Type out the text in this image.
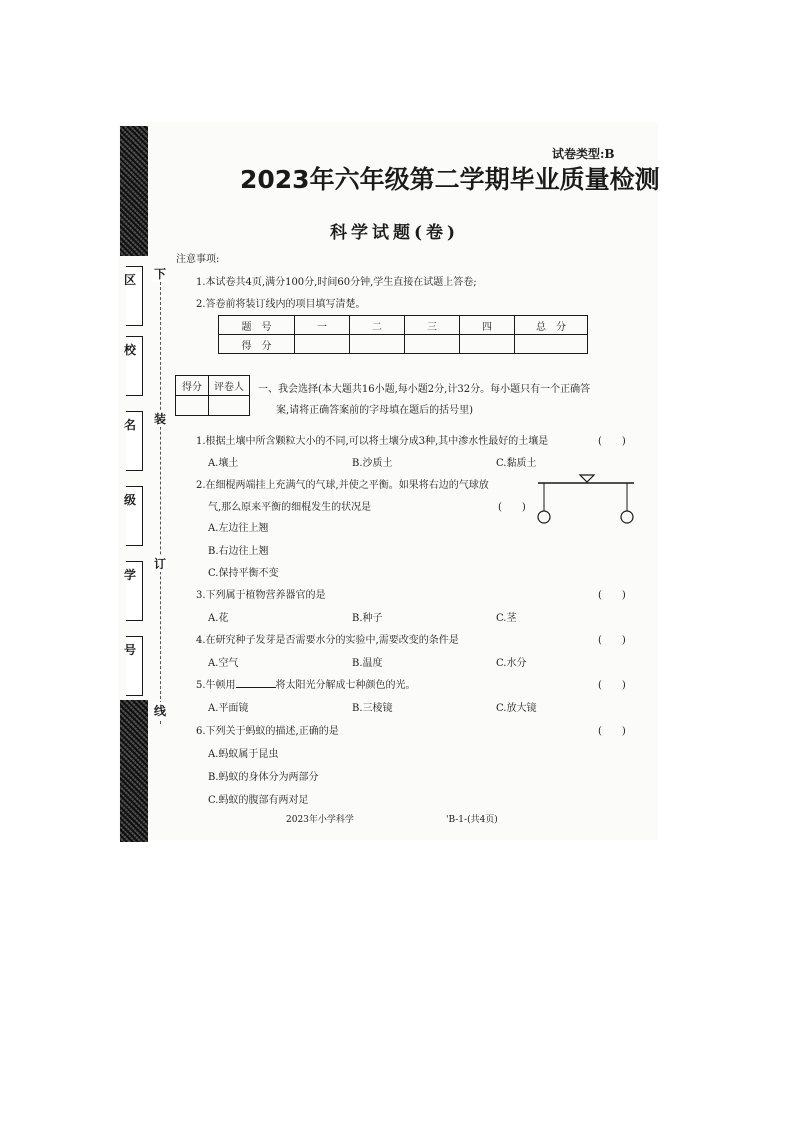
区
校
名
级
学
号
下
装
订
线
试卷类型:B
2023年六年级第二学期毕业质量检测
科学试题(卷)
注意事项:
1.本试卷共4页,满分100分,时间60分钟,学生直接在试题上答卷;
2.答卷前将装订线内的项目填写清楚。
题　号	一	二	三	四	总　分
得　分					
得分	评卷人
	一、我会选择(本大题共16小题,每小题2分,计32分。每小题只有一个正确答
案,请将正确答案前的字母填在题后的括号里)
1.根据土壤中所含颗粒大小的不同,可以将土壤分成3种,其中渗水性最好的土壤是	(　　)
A.壤土	B.沙质土	C.黏质土
2.在细棍两端挂上充满气的气球,并使之平衡。如果将右边的气球放
气,那么原来平衡的细棍发生的状况是	(　　)
A.左边往上翘
B.右边往上翘
C.保持平衡不变
3.下列属于植物营养器官的是	(　　)
A.花	B.种子	C.茎
4.在研究种子发芽是否需要水分的实验中,需要改变的条件是	(　　)
A.空气	B.温度	C.水分
5.牛顿用	将太阳光分解成七种颜色的光。	(　　)
A.平面镜	B.三棱镜	C.放大镜
6.下列关于蚂蚁的描述,正确的是	(　　)
A.蚂蚁属于昆虫
B.蚂蚁的身体分为两部分
C.蚂蚁的腹部有两对足
2023年小学科学	'B-1-(共4页)
